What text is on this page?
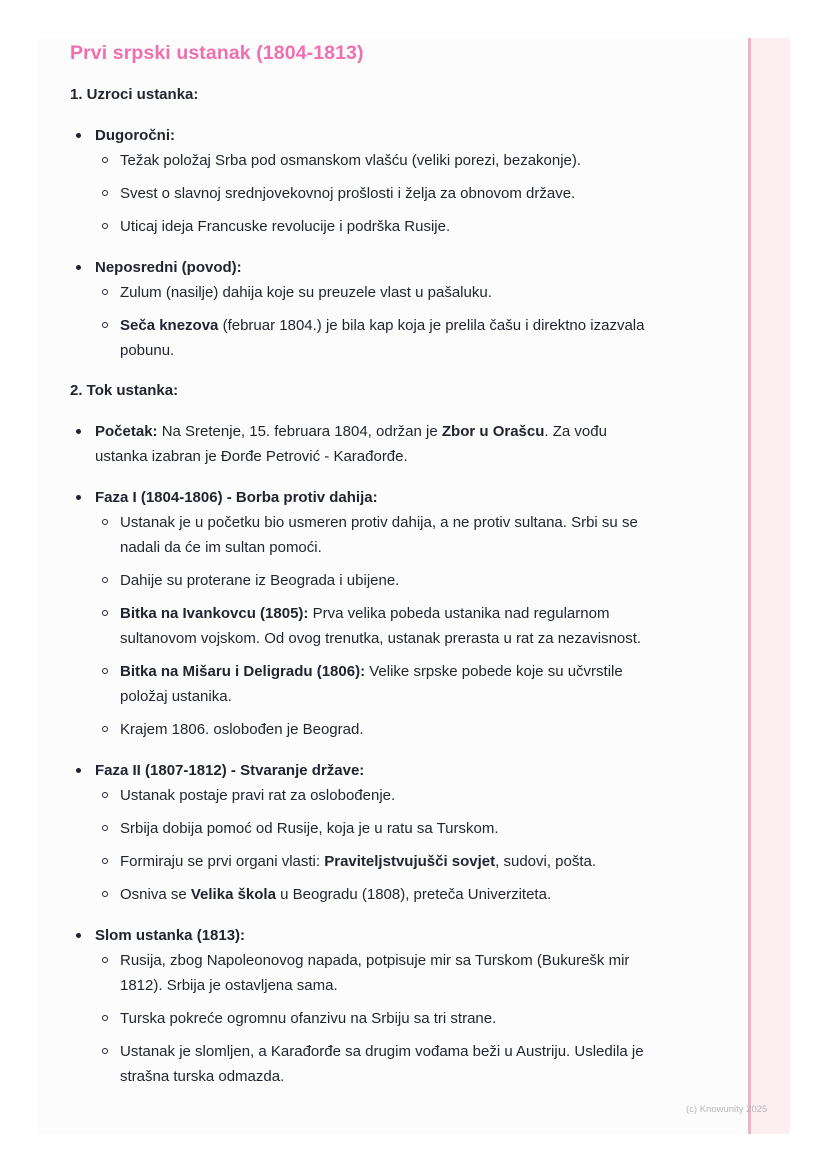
Prvi srpski ustanak (1804-1813)
1. Uzroci ustanka:
Dugoročni:
Težak položaj Srba pod osmanskom vlašću (veliki porezi, bezakonje).
Svest o slavnoj srednjovekovnoj prošlosti i želja za obnovom države.
Uticaj ideja Francuske revolucije i podrška Rusije.
Neposredni (povod):
Zulum (nasilje) dahija koje su preuzele vlast u pašaluku.
Seča knezova (februar 1804.) je bila kap koja je prelila čašu i direktno izazvala pobunu.
2. Tok ustanka:
Početak: Na Sretenje, 15. februara 1804, održan je Zbor u Orašcu. Za vođu ustanka izabran je Đorđe Petrović - Karađorđe.
Faza I (1804-1806) - Borba protiv dahija:
Ustanak je u početku bio usmeren protiv dahija, a ne protiv sultana. Srbi su se nadali da će im sultan pomoći.
Dahije su proterane iz Beograda i ubijene.
Bitka na Ivankovcu (1805): Prva velika pobeda ustanika nad regularnom sultanovom vojskom. Od ovog trenutka, ustanak prerasta u rat za nezavisnost.
Bitka na Mišaru i Deligradu (1806): Velike srpske pobede koje su učvrstile položaj ustanika.
Krajem 1806. oslobođen je Beograd.
Faza II (1807-1812) - Stvaranje države:
Ustanak postaje pravi rat za oslobođenje.
Srbija dobija pomoć od Rusije, koja je u ratu sa Turskom.
Formiraju se prvi organi vlasti: Praviteljstvujušči sovjet, sudovi, pošta.
Osniva se Velika škola u Beogradu (1808), preteča Univerziteta.
Slom ustanka (1813):
Rusija, zbog Napoleonovog napada, potpisuje mir sa Turskom (Bukurešk mir 1812). Srbija je ostavljena sama.
Turska pokreće ogromnu ofanzivu na Srbiju sa tri strane.
Ustanak je slomljen, a Karađorđe sa drugim vođama beži u Austriju. Usledila je strašna turska odmazda.
(c) Knowunity 2025
